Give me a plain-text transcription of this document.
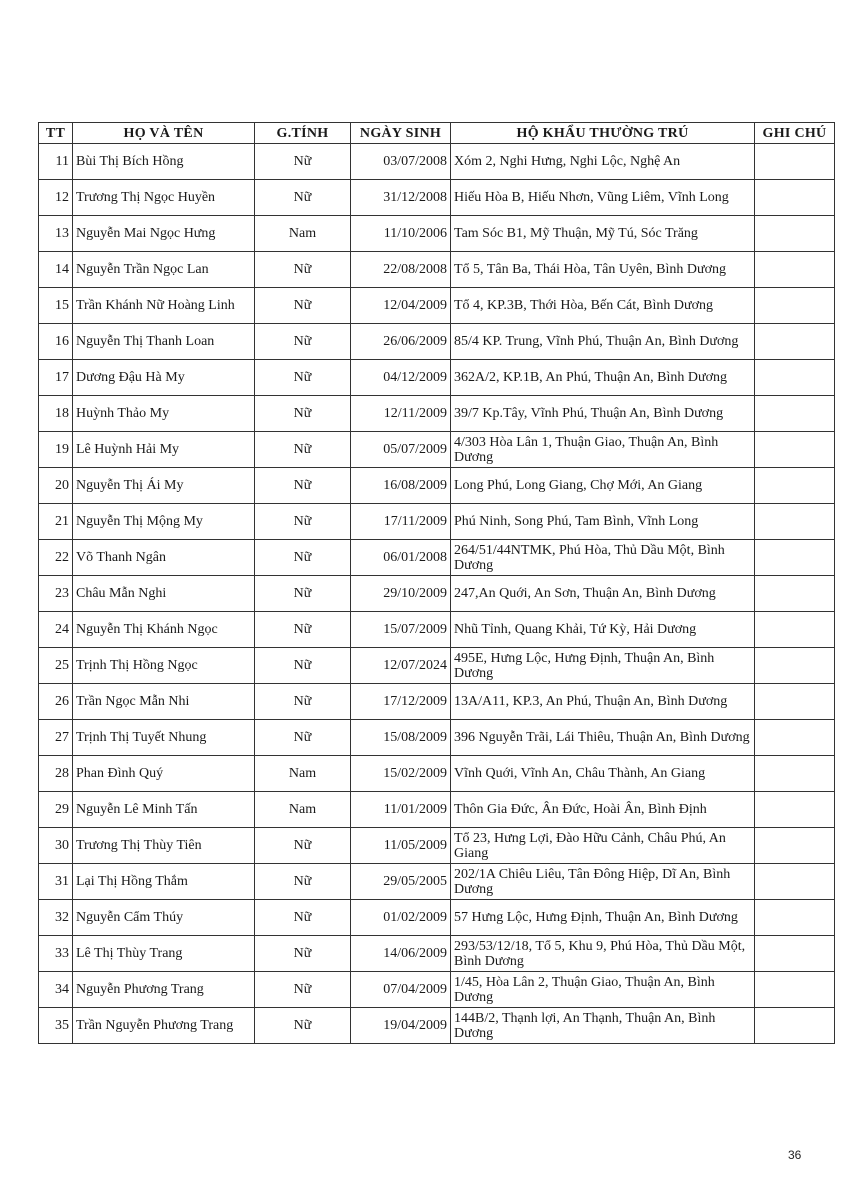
TT	HỌ VÀ TÊN	G.TÍNH	NGÀY SINH	HỘ KHẨU THƯỜNG TRÚ	GHI CHÚ
11	Bùi Thị Bích Hồng	Nữ	03/07/2008	Xóm 2, Nghi Hưng, Nghi Lộc, Nghệ An	
12	Trương Thị Ngọc Huyền	Nữ	31/12/2008	Hiếu Hòa B, Hiếu Nhơn, Vũng Liêm, Vĩnh Long	
13	Nguyễn Mai Ngọc Hưng	Nam	11/10/2006	Tam Sóc B1, Mỹ Thuận, Mỹ Tú, Sóc Trăng	
14	Nguyễn Trần Ngọc Lan	Nữ	22/08/2008	Tổ 5, Tân Ba, Thái Hòa, Tân Uyên, Bình Dương	
15	Trần Khánh Nữ Hoàng Linh	Nữ	12/04/2009	Tổ 4, KP.3B, Thới Hòa, Bến Cát, Bình Dương	
16	Nguyễn Thị Thanh Loan	Nữ	26/06/2009	85/4 KP. Trung, Vĩnh Phú, Thuận An, Bình Dương	
17	Dương Đậu Hà My	Nữ	04/12/2009	362A/2, KP.1B, An Phú, Thuận An, Bình Dương	
18	Huỳnh Thảo My	Nữ	12/11/2009	39/7 Kp.Tây, Vĩnh Phú, Thuận An, Bình Dương	
19	Lê Huỳnh Hải My	Nữ	05/07/2009	4/303 Hòa Lân 1, Thuận Giao, Thuận An, Bình Dương	
20	Nguyễn Thị Ái My	Nữ	16/08/2009	Long Phú, Long Giang, Chợ Mới, An Giang	
21	Nguyễn Thị Mộng My	Nữ	17/11/2009	Phú Ninh, Song Phú, Tam Bình, Vĩnh Long	
22	Võ Thanh Ngân	Nữ	06/01/2008	264/51/44NTMK, Phú Hòa, Thủ Dầu Một, Bình Dương	
23	Châu Mẫn Nghi	Nữ	29/10/2009	247,An Quới, An Sơn, Thuận An, Bình Dương	
24	Nguyễn Thị Khánh Ngọc	Nữ	15/07/2009	Nhũ Tỉnh, Quang Khải, Tứ Kỳ, Hải Dương	
25	Trịnh Thị Hồng Ngọc	Nữ	12/07/2024	495E, Hưng Lộc, Hưng Định, Thuận An, Bình Dương	
26	Trần Ngọc Mẫn Nhi	Nữ	17/12/2009	13A/A11, KP.3, An Phú, Thuận An, Bình Dương	
27	Trịnh Thị Tuyết Nhung	Nữ	15/08/2009	396 Nguyễn Trãi, Lái Thiêu, Thuận An, Bình Dương	
28	Phan Đình Quý	Nam	15/02/2009	Vĩnh Quới, Vĩnh An, Châu Thành, An Giang	
29	Nguyễn Lê Minh Tấn	Nam	11/01/2009	Thôn Gia Đức, Ân Đức, Hoài Ân, Bình Định	
30	Trương Thị Thùy Tiên	Nữ	11/05/2009	Tổ 23, Hưng Lợi, Đào Hữu Cảnh, Châu Phú, An Giang	
31	Lại Thị Hồng Thắm	Nữ	29/05/2005	202/1A Chiêu Liêu, Tân Đông Hiệp, Dĩ An, Bình Dương	
32	Nguyễn Cẩm Thúy	Nữ	01/02/2009	57 Hưng Lộc, Hưng Định, Thuận An, Bình Dương	
33	Lê Thị Thùy Trang	Nữ	14/06/2009	293/53/12/18, Tổ 5, Khu 9, Phú Hòa, Thủ Dầu Một, Bình Dương	
34	Nguyễn Phương Trang	Nữ	07/04/2009	1/45, Hòa Lân 2, Thuận Giao, Thuận An, Bình Dương	
35	Trần Nguyễn Phương Trang	Nữ	19/04/2009	144B/2, Thạnh lợi, An Thạnh, Thuận An, Bình Dương	
36
